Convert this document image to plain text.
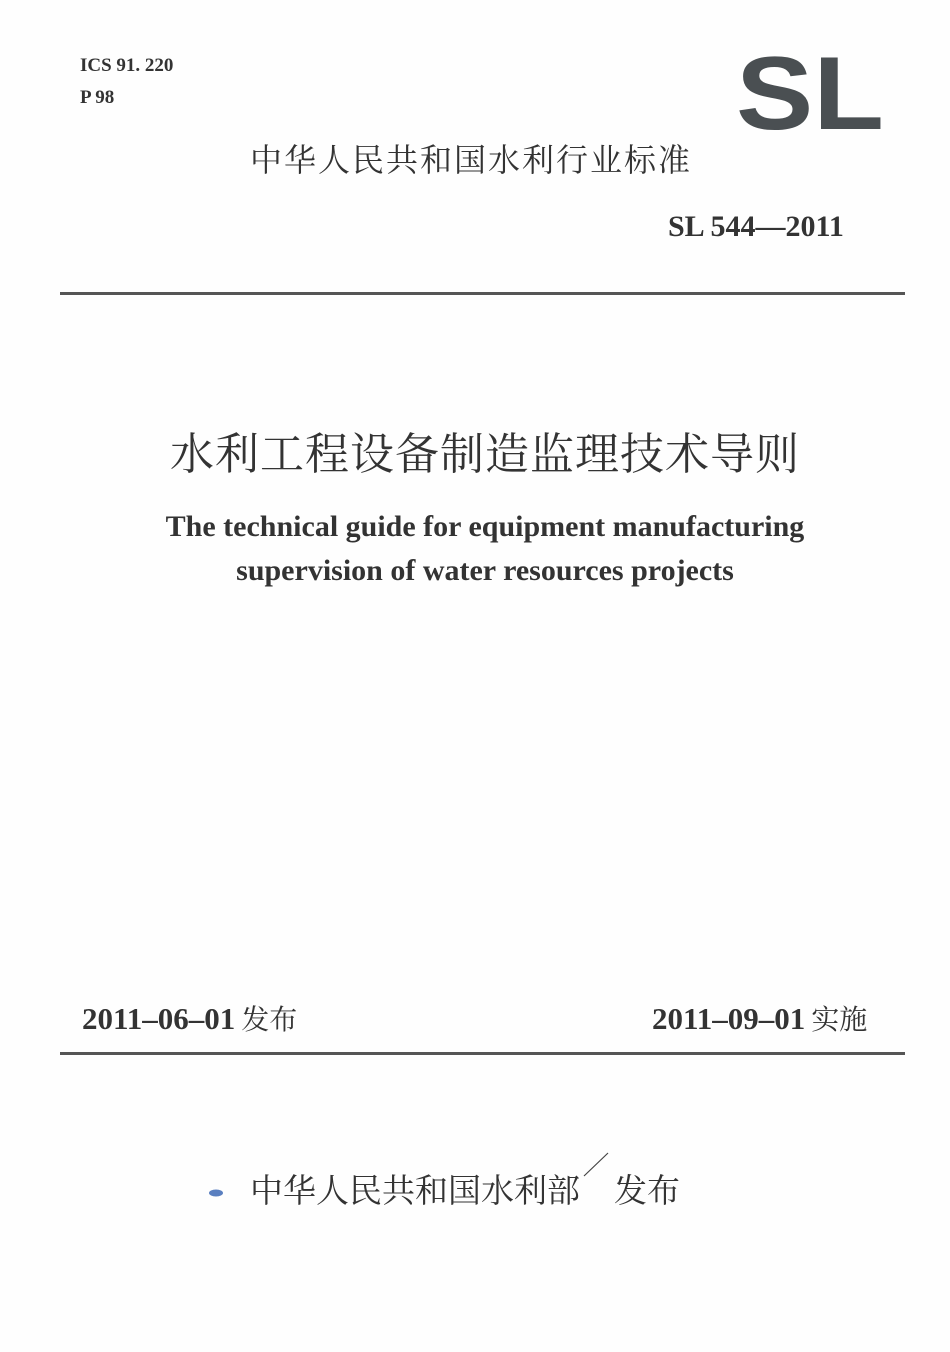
ICS 91. 220
P 98	SL
中华人民共和国水利行业标准
SL 544—2011
水利工程设备制造监理技术导则
The technical guide for equipment manufacturing
supervision of water resources projects
2011–06–01 发布	2011–09–01 实施
中华人民共和国水利部 发布
